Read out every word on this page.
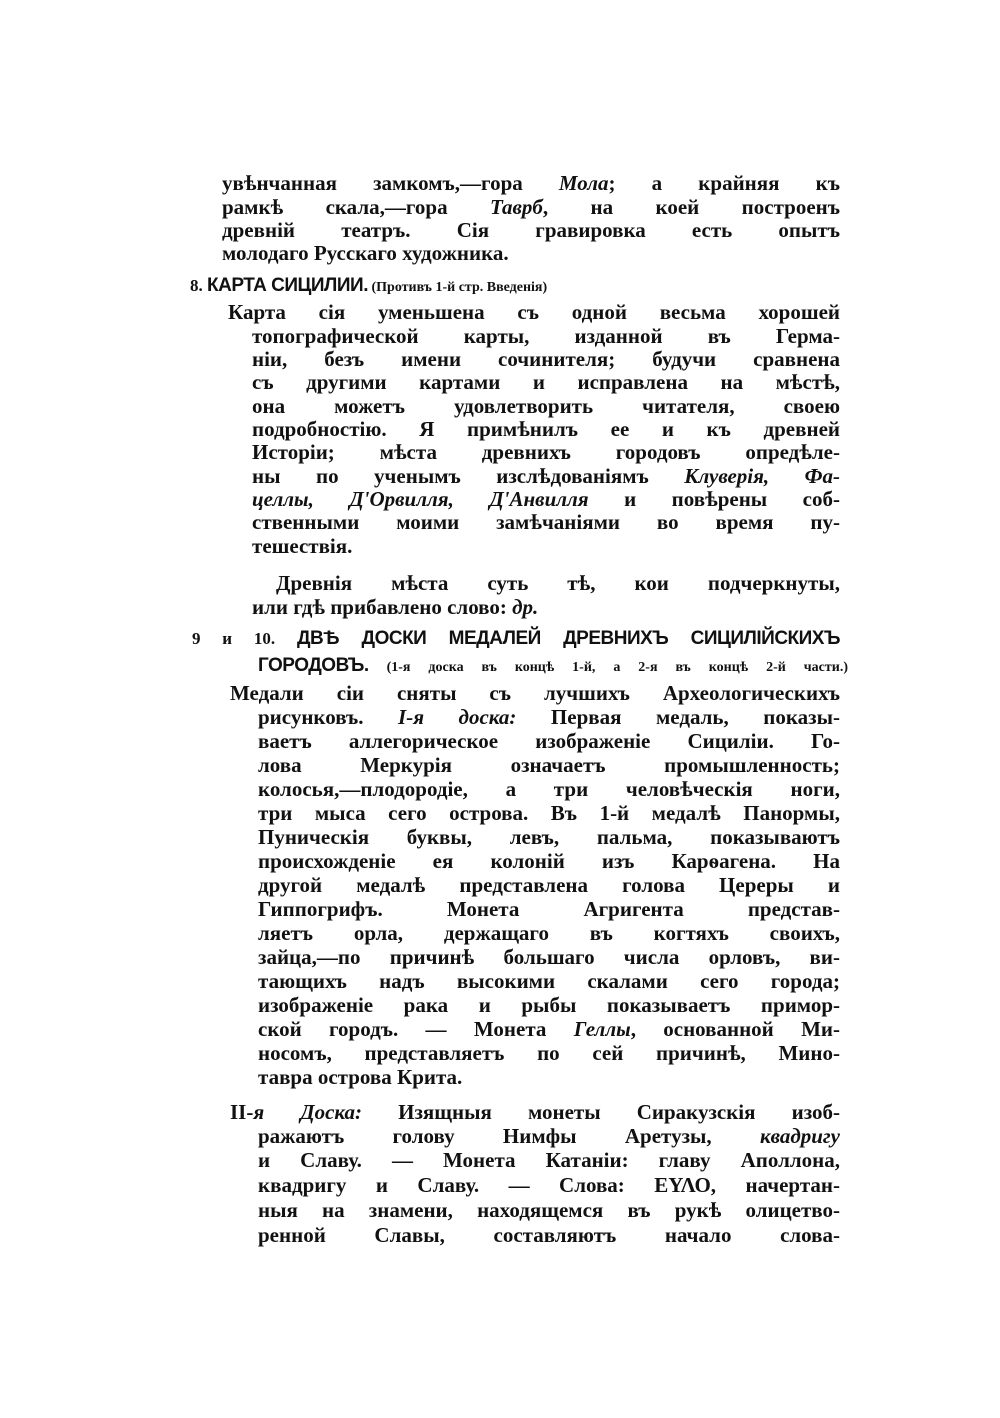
увѣнчанная замкомъ,—гора Мола; а крайняя къ
рамкѣ скала,—гора Таврб, на коей построенъ
древнiй театръ. Сiя гравировка есть опытъ
молодаго Русскаго художника.
8. КАРТА СИЦИЛИИ. (Противъ 1-й стр. Введенiя)
Карта сiя уменьшена съ одной весьма хорошей
топографической карты, изданной въ Герма-
нiи, безъ имени сочинителя; будучи сравнена
съ другими картами и исправлена на мѣстѣ,
она можетъ удовлетворить читателя, своею
подробностiю. Я примѣнилъ ее и къ древней
Исторiи; мѣста древнихъ городовъ опредѣле-
ны по ученымъ изслѣдованiямъ Клуверiя, Фа-
целлы, Д'Орвилля, Д'Анвилля и повѣрены соб-
ственными моими замѣчанiями во время пу-
тешествiя.
Древнiя мѣста суть тѣ, кои подчеркнуты,
или гдѣ прибавлено слово: др.
9 и 10. ДВѢ ДОСКИ МЕДАЛЕЙ ДРЕВНИХЪ СИЦИЛIЙСКИХЪ
ГОРОДОВЪ. (1-я доска въ концѣ 1-й, а 2-я въ концѣ 2-й части.)
Медали сiи сняты съ лучшихъ Археологическихъ
рисунковъ. I-я доска: Первая медаль, показы-
ваетъ аллегорическое изображенiе Сицилiи. Го-
лова Меркурiя означаетъ промышленность;
колосья,—плодородiе, а три человѣческiя ноги,
три мыса сего острова. Въ 1-й медалѣ Панормы,
Пуническiя буквы, левъ, пальма, показываютъ
происхожденiе ея колонiй изъ Карѳагена. На
другой медалѣ представлена голова Цереры и
Гиппогрифъ. Монета Агригента представ-
ляетъ орла, держащаго въ когтяхъ своихъ,
зайца,—по причинѣ большаго числа орловъ, ви-
тающихъ надъ высокими скалами сего города;
изображенiе рака и рыбы показываетъ примор-
ской городъ. — Монета Геллы, основанной Ми-
носомъ, представляетъ по сей причинѣ, Мино-
тавра острова Крита.
II-я Доска: Изящныя монеты Сиракузскiя изоб-
ражаютъ голову Нимфы Аретузы, квадригу
и Славу. — Монета Катанiи: главу Аполлона,
квадригу и Славу. — Слова: ЕΥΛΟ, начертан-
ныя на знамени, находящемся въ рукѣ олицетво-
ренной Славы, составляютъ начало слова-
